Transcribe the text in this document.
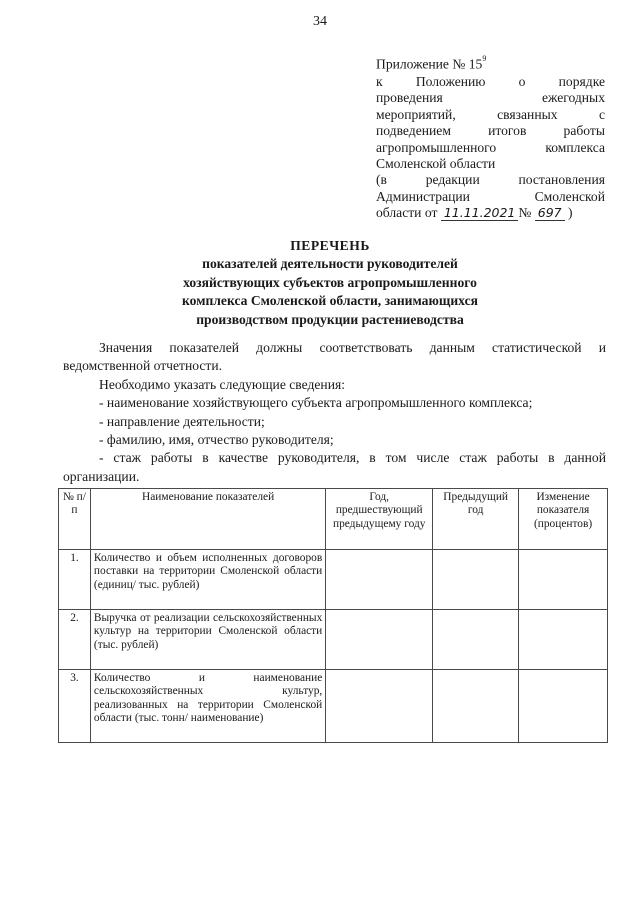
34
Приложение № $15^9$
к Положению о порядке
проведения ежегодных
мероприятий, связанных с
подведением итогов работы
агропромышленного комплекса
Смоленской области
(в редакции постановления
Администрации Смоленской
области от 11.11.2021 № 697 )
ПЕРЕЧЕНЬ
показателей деятельности руководителей
хозяйствующих субъектов агропромышленного
комплекса Смоленской области, занимающихся
производством продукции растениеводства

Значения показателей должны соответствовать данным статистической и ведомственной отчетности.

Необходимо указать следующие сведения:

- наименование хозяйствующего субъекта агропромышленного комплекса;

- направление деятельности;

- фамилию, имя, отчество руководителя;

- стаж работы в качестве руководителя, в том числе стаж работы в данной организации.

№ п/п	Наименование показателей	Год, предшествующий предыдущему году	Предыдущий год	Изменение показателя (процентов)
1.	Количество и объем исполненных договоров поставки на территории Смоленской области (единиц/ тыс. рублей)			
2.	Выручка от реализации сельскохозяйственных культур на территории Смоленской области (тыс. рублей)			
3.	Количество и наименование сельскохозяйственных культур, реализованных на территории Смоленской области (тыс. тонн/ наименование)			
